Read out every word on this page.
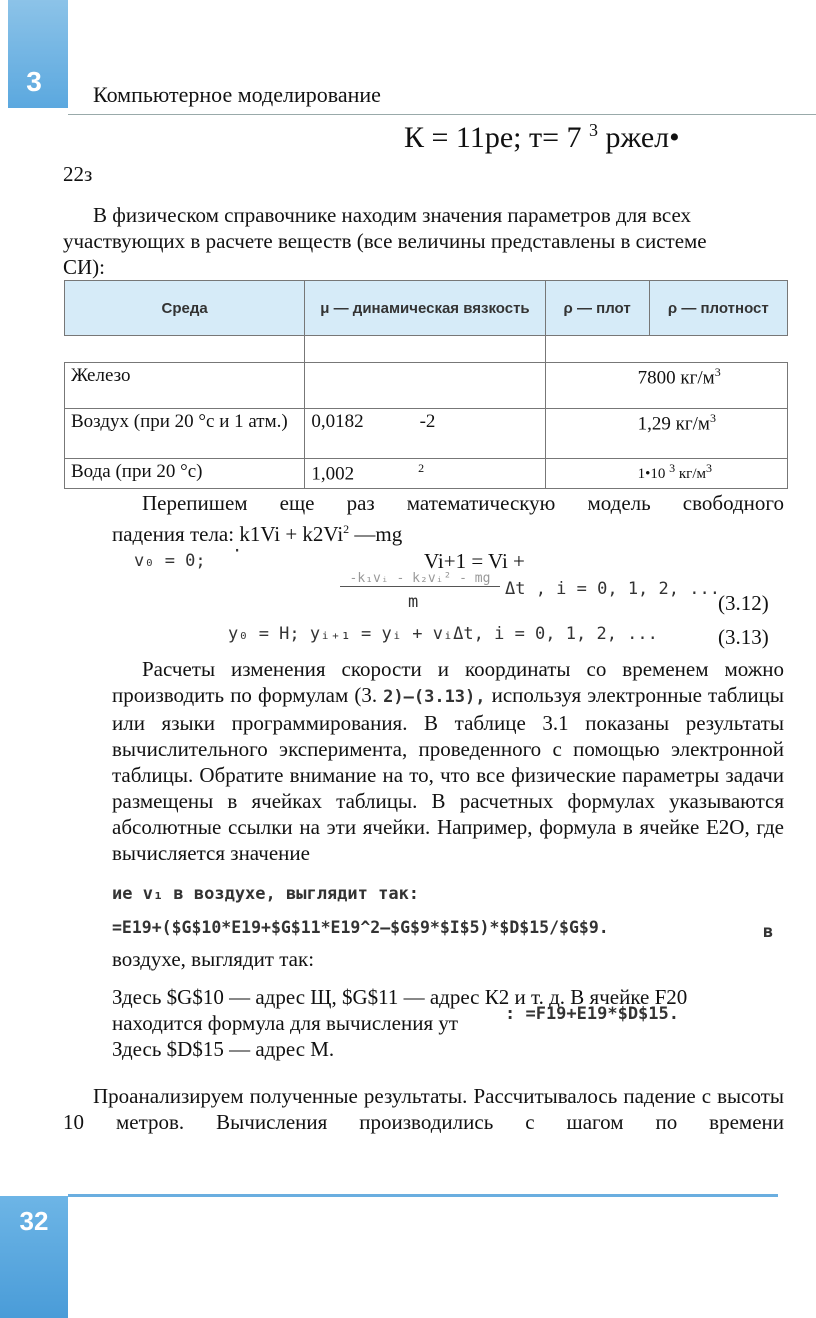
3	Компьютерное моделирование
К = 11ре; т= 7 $^3$ ржел•
22з
В физическом справочнике находим значения параметров для всех участвующих в расчете веществ (все величины представлены в системе СИ):
Среда	μ — динамическая вязкость	ρ — плот	ρ — плотност

Железо		7800 $кг/м^3$
Воздух (при 20 °с и 1 атм.)	0,0182 -2	1,29 $кг/м^3$
Вода (при 20 °с)	1,002 $^2$	1•10 $^3$ $кг/м^3$
Перепишем еще раз математическую модель свободного
падения тела: $k1Vi + k2Vi^2$ —mg
v₀ = 0; ·	Vi+1 = Vi +
-k₁vᵢ - k₂vᵢ² - mg
m
Δt , i = 0, 1, 2, ...
(3.12)
y₀ = H; yᵢ₊₁ = yᵢ + vᵢΔt, i = 0, 1, 2, ...	(3.13)
Расчеты изменения скорости и координаты со временем можно производить по формулам (3. 2)–(3.13), используя электронные таблицы или языки программирования. В таблице 3.1 показаны результаты вычислительного эксперимента, проведенного с помощью электронной таблицы. Обратите внимание на то, что все физические параметры задачи размещены в ячейках таблицы. В расчетных формулах указываются абсолютные ссылки на эти ячейки. Например, формула в ячейке Е2О, где вычисляется значение
ие v₁ в воздухе, выглядит так:
=E19+($G$10*E19+$G$11*E19^2–$G$9*$I$5)*$D$15/$G$9.	в
воздухе, выглядит так:
Здесь $G$10 — адрес Щ, $G$11 — адрес К2 и т. д. В ячейке F20
находится формула для вычисления ут	: =F19+E19*$D$15.
Здесь $D$15 — адрес М.
Проанализируем полученные результаты. Рассчитывалось падение с высоты 10 метров. Вычисления производились с шагом по времени
32
